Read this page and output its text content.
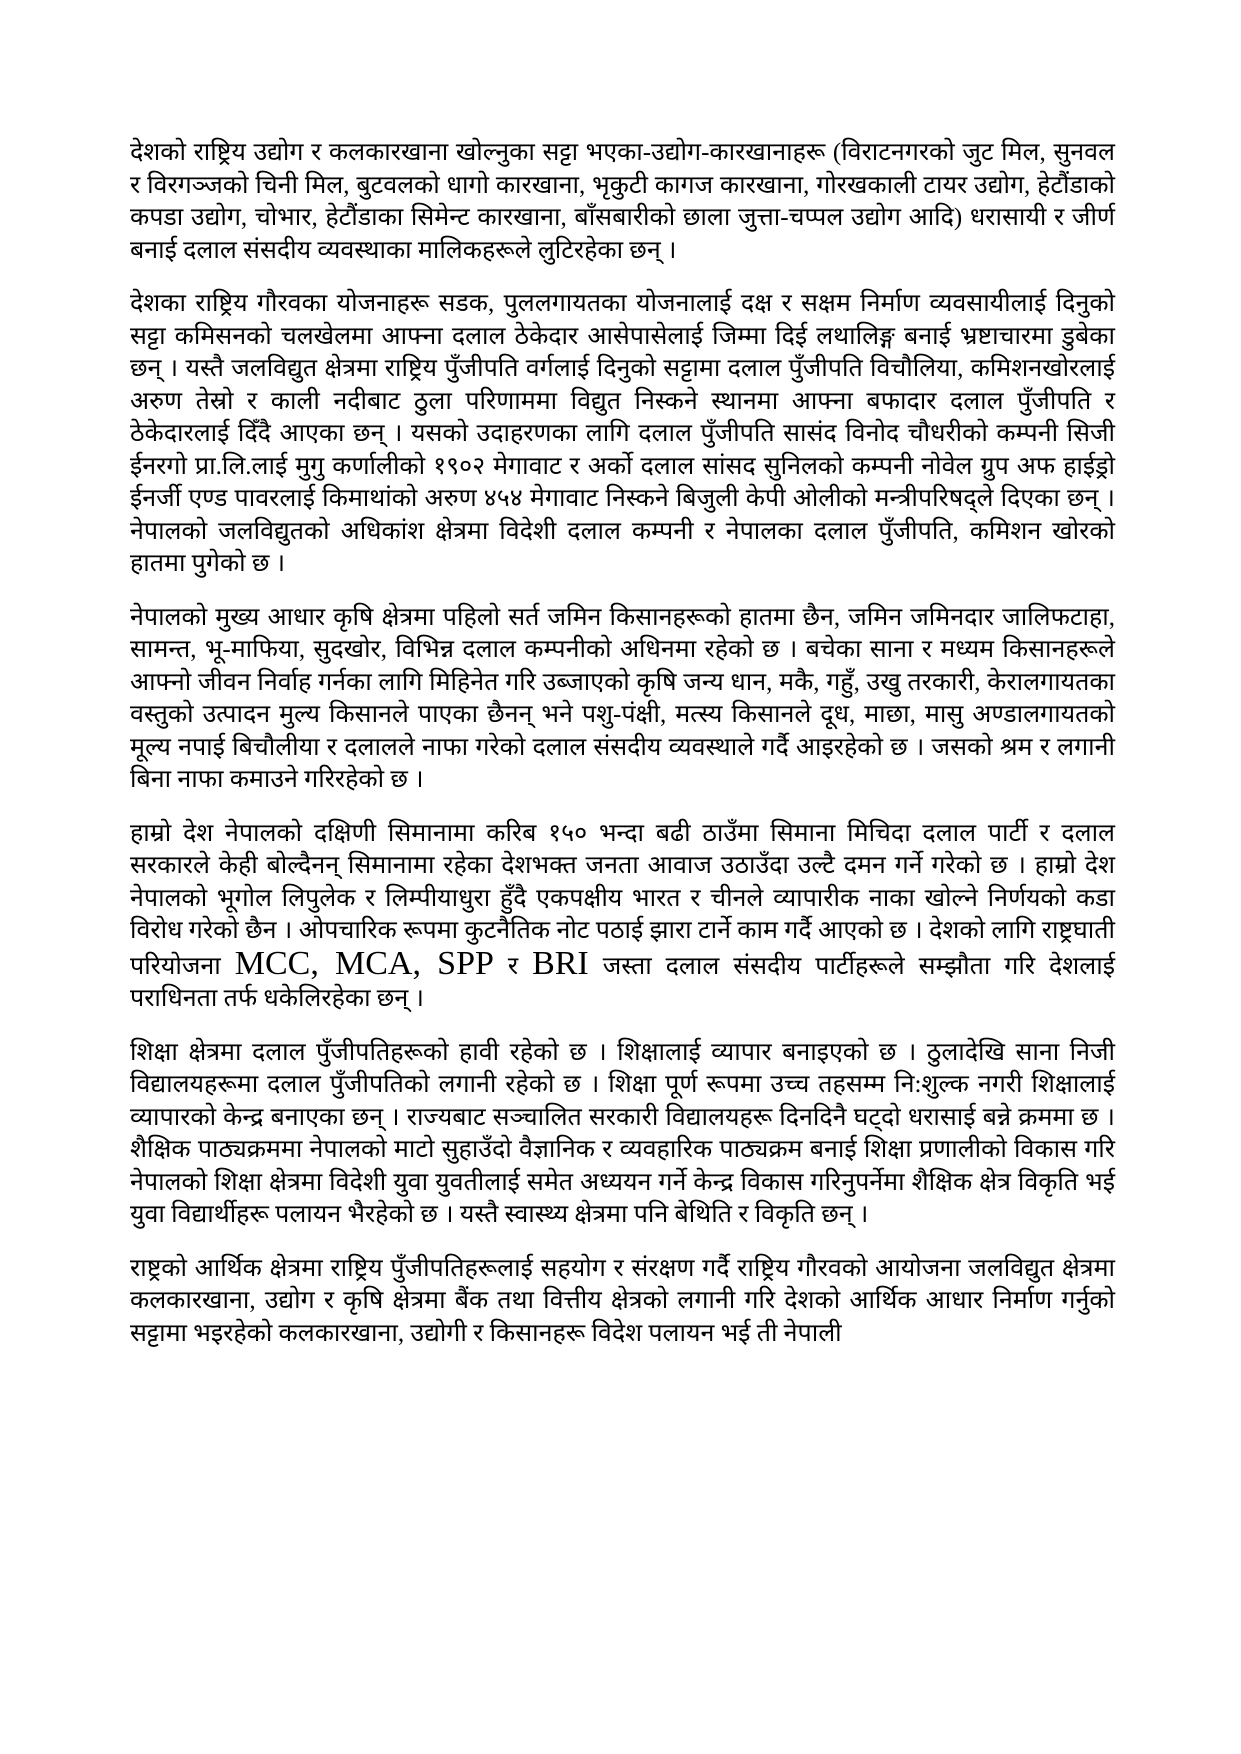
देशको राष्ट्रिय उद्योग र कलकारखाना खोल्नुका सट्टा भएका-उद्योग-कारखानाहरू (विराटनगरको जुट मिल, सुनवल र विरगञ्जको चिनी मिल, बुटवलको धागो कारखाना, भृकुटी कागज कारखाना, गोरखकाली टायर उद्योग, हेटौंडाको कपडा उद्योग, चोभार, हेटौंडाका सिमेन्ट कारखाना, बाँसबारीको छाला जुत्ता-चप्पल उद्योग आदि) धरासायी र जीर्ण बनाई दलाल संसदीय व्यवस्थाका मालिकहरूले लुटिरहेका छन् ।

देशका राष्ट्रिय गौरवका योजनाहरू सडक, पुललगायतका योजनालाई दक्ष र सक्षम निर्माण व्यवसायीलाई दिनुको सट्टा कमिसनको चलखेलमा आफ्ना दलाल ठेकेदार आसेपासेलाई जिम्मा दिई लथालिङ्ग बनाई भ्रष्टाचारमा डुबेका छन् । यस्तै जलविद्युत क्षेत्रमा राष्ट्रिय पुँजीपति वर्गलाई दिनुको सट्टामा दलाल पुँजीपति विचौलिया, कमिशनखोरलाई अरुण तेस्रो र काली नदीबाट ठुला परिणाममा विद्युत निस्कने स्थानमा आफ्ना बफादार दलाल पुँजीपति र ठेकेदारलाई दिँदै आएका छन् । यसको उदाहरणका लागि दलाल पुँजीपति सासंद विनोद चौधरीको कम्पनी सिजी ईनरगो प्रा.लि.लाई मुगु कर्णालीको १९०२ मेगावाट र अर्को दलाल सांसद सुनिलको कम्पनी नोवेल ग्रुप अफ हाईड्रो ईनर्जी एण्ड पावरलाई किमाथांको अरुण ४५४ मेगावाट निस्कने बिजुली केपी ओलीको मन्त्रीपरिषद्ले दिएका छन् । नेपालको जलविद्युतको अधिकांश क्षेत्रमा विदेशी दलाल कम्पनी र नेपालका दलाल पुँजीपति, कमिशन खोरको हातमा पुगेको छ ।

नेपालको मुख्य आधार कृषि क्षेत्रमा पहिलो सर्त जमिन किसानहरूको हातमा छैन, जमिन जमिनदार जालिफटाहा, सामन्त, भू-माफिया, सुदखोर, विभिन्न दलाल कम्पनीको अधिनमा रहेको छ । बचेका साना र मध्यम किसानहरूले आफ्नो जीवन निर्वाह गर्नका लागि मिहिनेत गरि उब्जाएको कृषि जन्य धान, मकै, गहुँ, उखु तरकारी, केरालगायतका वस्तुको उत्पादन मुल्य किसानले पाएका छैनन् भने पशु-पंक्षी, मत्स्य किसानले दूध, माछा, मासु अण्डालगायतको मूल्य नपाई बिचौलीया र दलालले नाफा गरेको दलाल संसदीय व्यवस्थाले गर्दै आइरहेको छ । जसको श्रम र लगानी बिना नाफा कमाउने गरिरहेको छ ।

हाम्रो देश नेपालको दक्षिणी सिमानामा करिब १५० भन्दा बढी ठाउँमा सिमाना मिचिदा दलाल पार्टी र दलाल सरकारले केही बोल्दैनन् सिमानामा रहेका देशभक्त जनता आवाज उठाउँदा उल्टै दमन गर्ने गरेको छ । हाम्रो देश नेपालको भूगोल लिपुलेक र लिम्पीयाधुरा हुँदै एकपक्षीय भारत र चीनले व्यापारीक नाका खोल्ने निर्णयको कडा विरोध गरेको छैन । ओपचारिक रूपमा कुटनैतिक नोट पठाई झारा टार्ने काम गर्दै आएको छ । देशको लागि राष्ट्रघाती परियोजना MCC, MCA, SPP र BRI जस्ता दलाल संसदीय पार्टीहरूले सम्झौता गरि देशलाई पराधिनता तर्फ धकेलिरहेका छन् ।

शिक्षा क्षेत्रमा दलाल पुँजीपतिहरूको हावी रहेको छ । शिक्षालाई व्यापार बनाइएको छ । ठुलादेखि साना निजी विद्यालयहरूमा दलाल पुँजीपतिको लगानी रहेको छ । शिक्षा पूर्ण रूपमा उच्च तहसम्म नि:शुल्क नगरी शिक्षालाई व्यापारको केन्द्र बनाएका छन् । राज्यबाट सञ्चालित सरकारी विद्यालयहरू दिनदिनै घट्दो धरासाई बन्ने क्रममा छ । शैक्षिक पाठ्यक्रममा नेपालको माटो सुहाउँदो वैज्ञानिक र व्यवहारिक पाठ्यक्रम बनाई शिक्षा प्रणालीको विकास गरि नेपालको शिक्षा क्षेत्रमा विदेशी युवा युवतीलाई समेत अध्ययन गर्ने केन्द्र विकास गरिनुपर्नेमा शैक्षिक क्षेत्र विकृति भई युवा विद्यार्थीहरू पलायन भैरहेको छ । यस्तै स्वास्थ्य क्षेत्रमा पनि बेथिति र विकृति छन् ।

राष्ट्रको आर्थिक क्षेत्रमा राष्ट्रिय पुँजीपतिहरूलाई सहयोग र संरक्षण गर्दै राष्ट्रिय गौरवको आयोजना जलविद्युत क्षेत्रमा कलकारखाना, उद्योग र कृषि क्षेत्रमा बैंक तथा वित्तीय क्षेत्रको लगानी गरि देशको आर्थिक आधार निर्माण गर्नुको सट्टामा भइरहेको कलकारखाना, उद्योगी र किसानहरू विदेश पलायन भई ती नेपाली
